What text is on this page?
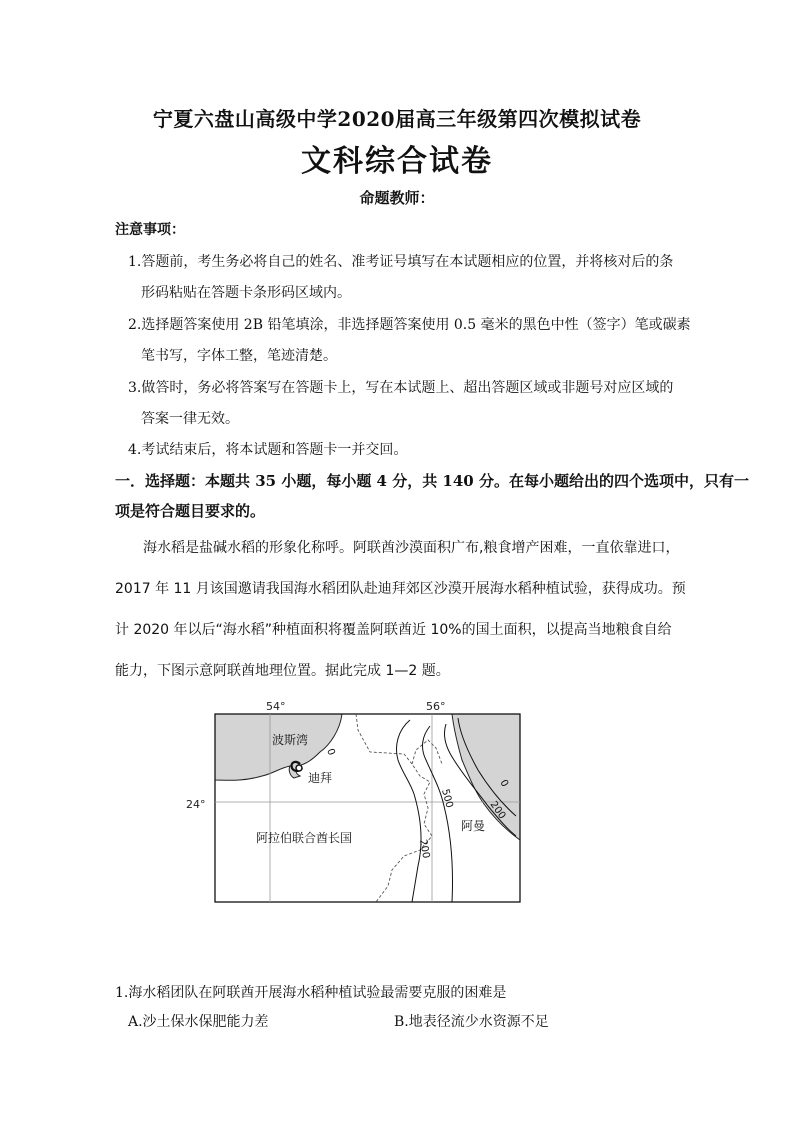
宁夏六盘山高级中学2020届高三年级第四次模拟试卷
文科综合试卷
命题教师：
注意事项：
1.答题前，考生务必将自己的姓名、准考证号填写在本试题相应的位置，并将核对后的条
形码粘贴在答题卡条形码区域内。
2.选择题答案使用 2B 铅笔填涂，非选择题答案使用 0.5 毫米的黑色中性（签字）笔或碳素
笔书写，字体工整，笔迹清楚。
3.做答时，务必将答案写在答题卡上，写在本试题上、超出答题区域或非题号对应区域的
答案一律无效。
4.考试结束后，将本试题和答题卡一并交回。
一．选择题：本题共 35 小题，每小题 4 分，共 140 分。在每小题给出的四个选项中，只有一
项是符合题目要求的。
海水稻是盐碱水稻的形象化称呼。阿联酋沙漠面积广布,粮食增产困难，一直依靠进口，
2017 年 11 月该国邀请我国海水稻团队赴迪拜郊区沙漠开展海水稻种植试验，获得成功。预
计 2020 年以后“海水稻”种植面积将覆盖阿联酋近 10%的国土面积，以提高当地粮食自给
能力，下图示意阿联酋地理位置。据此完成 1—2 题。
54°	56°
24°
波斯湾
迪拜
阿拉伯联合酋长国
阿曼
0
0
200
200
500
1.海水稻团队在阿联酋开展海水稻种植试验最需要克服的困难是
A.沙土保水保肥能力差	B.地表径流少水资源不足
